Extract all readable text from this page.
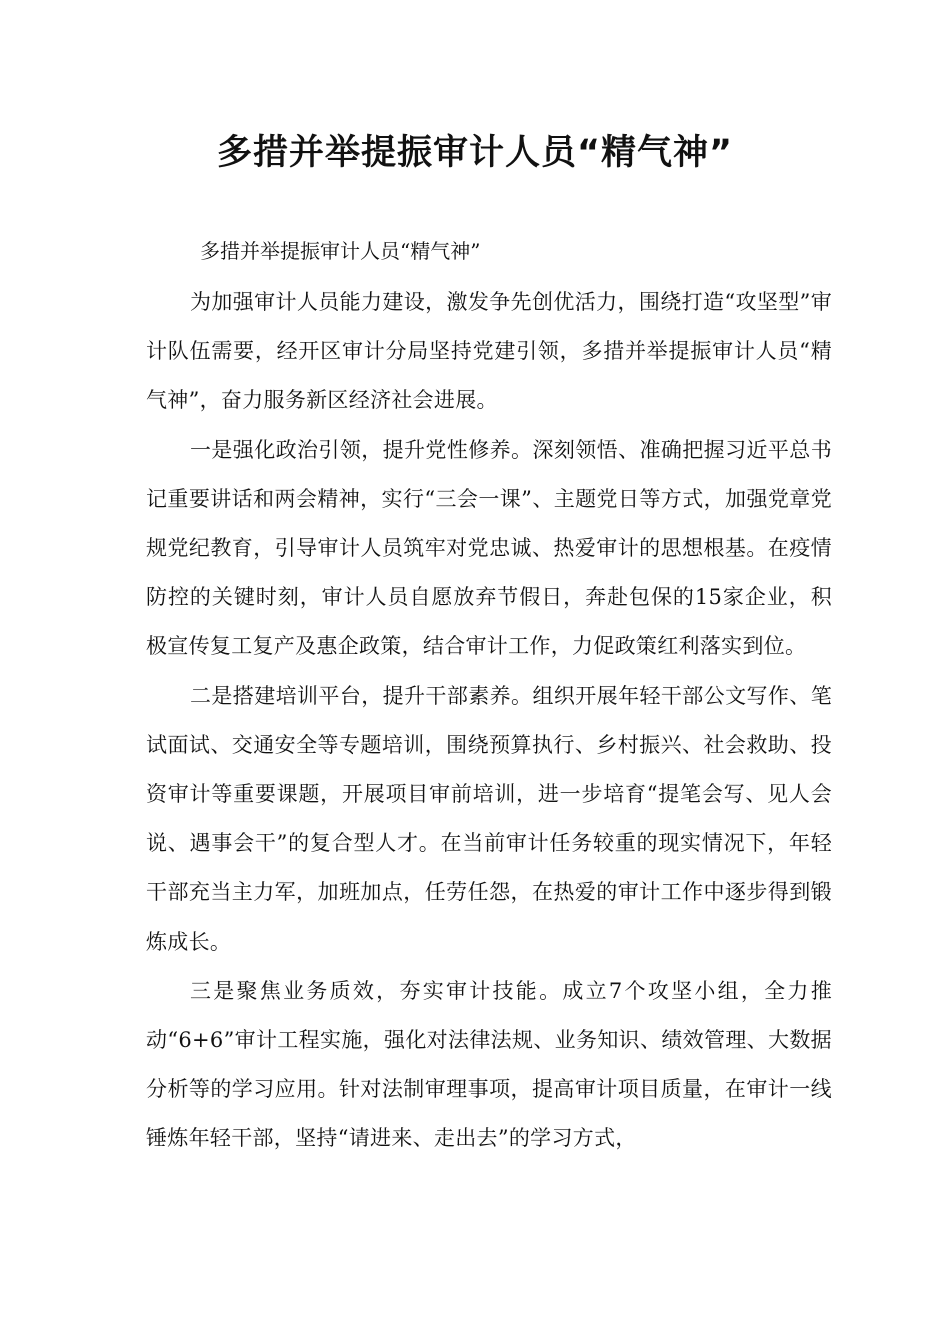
多措并举提振审计人员“精气神”

多措并举提振审计人员“精气神”

为加强审计人员能力建设，激发争先创优活力，围绕打造“攻坚型”审计队伍需要，经开区审计分局坚持党建引领，多措并举提振审计人员“精气神”，奋力服务新区经济社会进展。

一是强化政治引领，提升党性修养。深刻领悟、准确把握习近平总书记重要讲话和两会精神，实行“三会一课”、主题党日等方式，加强党章党规党纪教育，引导审计人员筑牢对党忠诚、热爱审计的思想根基。在疫情防控的关键时刻，审计人员自愿放弃节假日，奔赴包保的15家企业，积极宣传复工复产及惠企政策，结合审计工作，力促政策红利落实到位。

二是搭建培训平台，提升干部素养。组织开展年轻干部公文写作、笔试面试、交通安全等专题培训，围绕预算执行、乡村振兴、社会救助、投资审计等重要课题，开展项目审前培训，进一步培育“提笔会写、见人会说、遇事会干”的复合型人才。在当前审计任务较重的现实情况下，年轻干部充当主力军，加班加点，任劳任怨，在热爱的审计工作中逐步得到锻炼成长。

三是聚焦业务质效，夯实审计技能。成立7个攻坚小组，全力推动“6+6”审计工程实施，强化对法律法规、业务知识、绩效管理、大数据分析等的学习应用。针对法制审理事项，提高审计项目质量，在审计一线锤炼年轻干部，坚持“请进来、走出去”的学习方式，
